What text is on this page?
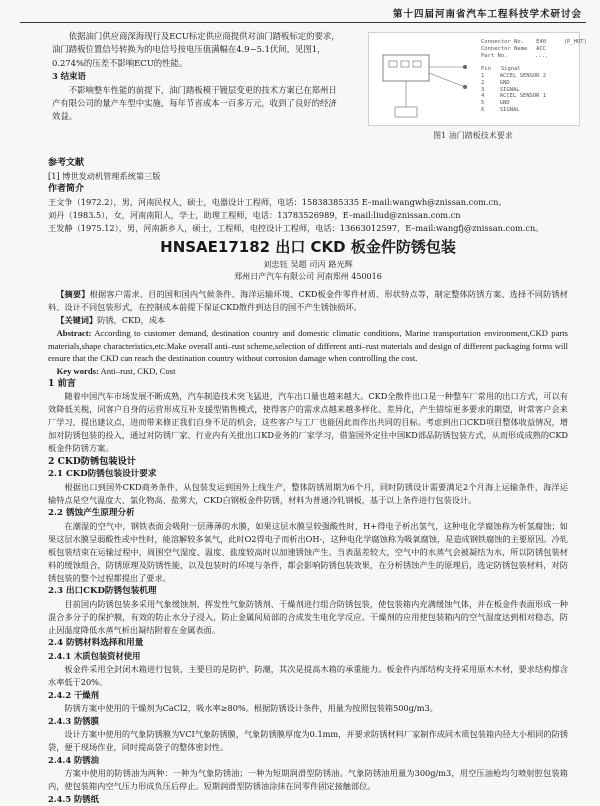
第十四届河南省汽车工程科技学术研讨会

依据油门供应商深海现行及ECU标定供应商提供对油门踏板标定的要求，油门踏板位置信号转换为的电信号按电压值满幅在4.9~5.1伏间，见图1，0.274%的压差不影响ECU的性能。

3 结束语

不影响整车性能的前提下，油门踏板模干镀层变更的技术方案已在郑州日产有限公司的量产车型中实施，每年节省成本一百多万元，收到了良好的经济效益。

Connector No. 　 E40  　　(P_HOT)
Connector Name　 ACC
Part No.　　　　　....

Pin   Signal
1   　ACCEL SENSOR 2
2   　GND
3   　SIGNAL
4   　ACCEL SENSOR 1
5   　GND
6   　SIGNAL
图1 油门踏板技术要求

参考文献

[1] 博世发动机管理系统第三版

作者简介

王文争（1972.2），男，河南民权人，硕士，电器设计工程师，电话：15838385335 E–mail:wangwh@znissan.com.cn。

刘丹（1983.5），女，河南南阳人，学士，助理工程师，电话：13783526989，E–mail:liud@znissan.com.cn

王发静（1975.12），男，河南新乡人，硕士，工程师，电控设计工程师，电话：13663012597，E–mail:wangfj@znissan.com.cn。

HNSAE17182 出口 CKD 板金件防锈包装
刘忠钰 吴超 司丙 路光辉
郑州日产汽车有限公司 河南郑州 450016

【摘要】根据客户需求、目的国和国内气候条件、海洋运输环境、CKD板金件零件材质、形状特点等，制定整体防锈方案、选择不同防锈材料、设计不同包装形式，在控制成本前提下保证CKD散件到达目的国不产生锈蚀损坏。

【关键词】防锈，CKD，成本

Abstract: According to customer demand, destination country and domestic climatic conditions, Marine transportation environment,CKD parts materials,shape characteristics,etc.Make overall anti–rust scheme,selection of different anti–rust materials and design of different packaging forms will ensure that the CKD can reach the destination country without corrosion damage when controlling the cost.

Key words: Anti–rust, CKD, Cost

1 前言

随着中国汽车市场发展不断成熟，汽车制造技术突飞猛进，汽车出口量也越来越大。CKD全散件出口是一种整车厂常用的出口方式，可以有效降低关税，同客户自身的运营形成互补支援型销售模式，使得客户的需求点越来越多样化、差异化，产生错综更多要求的期望，时常客户会来厂学习，提出建议点，进而带来修正我们自身不足的机会，这些客户与工厂也能因此而作出共同的目标。考虑到出口CKD项目整体收益情况，增加对防锈包装的投入，通过对防锈厂家、行业内有关批出口KD业务的厂家学习，借鉴国外定往中国KD部品防锈包装方式，从而形成成熟的CKD板金件防锈方案。

2 CKD防锈包装设计

2.1 CKD防锈包装设计要求

根据出口到国外CKD商务条件，从包装发运到国外上线生产，整体防锈周期为6个月，同时防锈设计需要满足2个月海上运输条件，海洋运输特点是空气温度大、氯化物高、盐雾大，CKD白钢板金件防锈，材料为普通冷轧钢板，基于以上条件进行包装设计。

2.2 锈蚀产生原理分析

在潮湿的空气中，钢铁表面会吸附一层薄薄的水膜，如果这层水膜呈较强酸性时，H+得电子析出氢气，这种电化学腐蚀称为析氢腐蚀；如果这层水膜呈弱酸性或中性时，能溶解较多氧气，此时O2得电子而析出OH-，这种电化学腐蚀称为吸氧腐蚀，是造成钢铁腐蚀的主要原因。冷轧板包装结束在运输过程中，周围空气湿度、温度、盐度较高时以加速锈蚀产生。当表温差较大，空气中的水蒸气会被凝结为水，所以防锈包装材料的缓蚀组合，防锈原理及防锈性能，以及包装时的环境与条件，都会影响防锈包装效果，在分析锈蚀产生的原理后，选定防锈包装材料，对防锈包装的整个过程都提出了要求。

2.3 出口CKD防锈包装机理

目前国内防锈包装多采用气象缓蚀剂、挥发性气象防锈剂、干燥剂进行组合防锈包装，使包装箱内充满缓蚀气体，并在板金件表面形成一种混合多分子的保护膜，有效的防止水分子浸入，防止金属间局部的合成发生电化学反应。干燥剂的应用使包装箱内的空气湿度达到相对稳态，防止因温度降低水蒸气析出凝结附着在金属表面。

2.4 防锈材料选择和用量

2.4.1 木质包装资材使用

板金件采用全封闭木箱进行包装，主要目的是防护、防潮，其次是提高木箱的承重能力。板金件内部结构支持采用原木木材，要求结构撑含水率低于20%。

2.4.2 干燥剂

防锈方案中使用的干燥剂为CaCl2，吸水率≥80%。根据防锈设计条件，用量为按照包装箱500g/m3。

2.4.3 防锈膜

设计方案中使用的气象防锈膜为VCI气象防锈膜，气象防锈膜厚度为0.1mm，并要求防锈材料厂家制作成同木质包装箱内径大小相同的防锈袋，便于现场作业，同时提高袋子的整体密封性。

2.4.4 防锈油

方案中使用的防锈油为两种：一种为气象防锈油；一种为短期润滑型防锈油。气象防锈油用量为300g/m3，用空压油枪均匀喷射腔包装箱内，使包装箱内空气压力形成负压后停止。短期润滑型防锈油涂抹在同零件固定接触部位。

2.4.5 防锈纸
